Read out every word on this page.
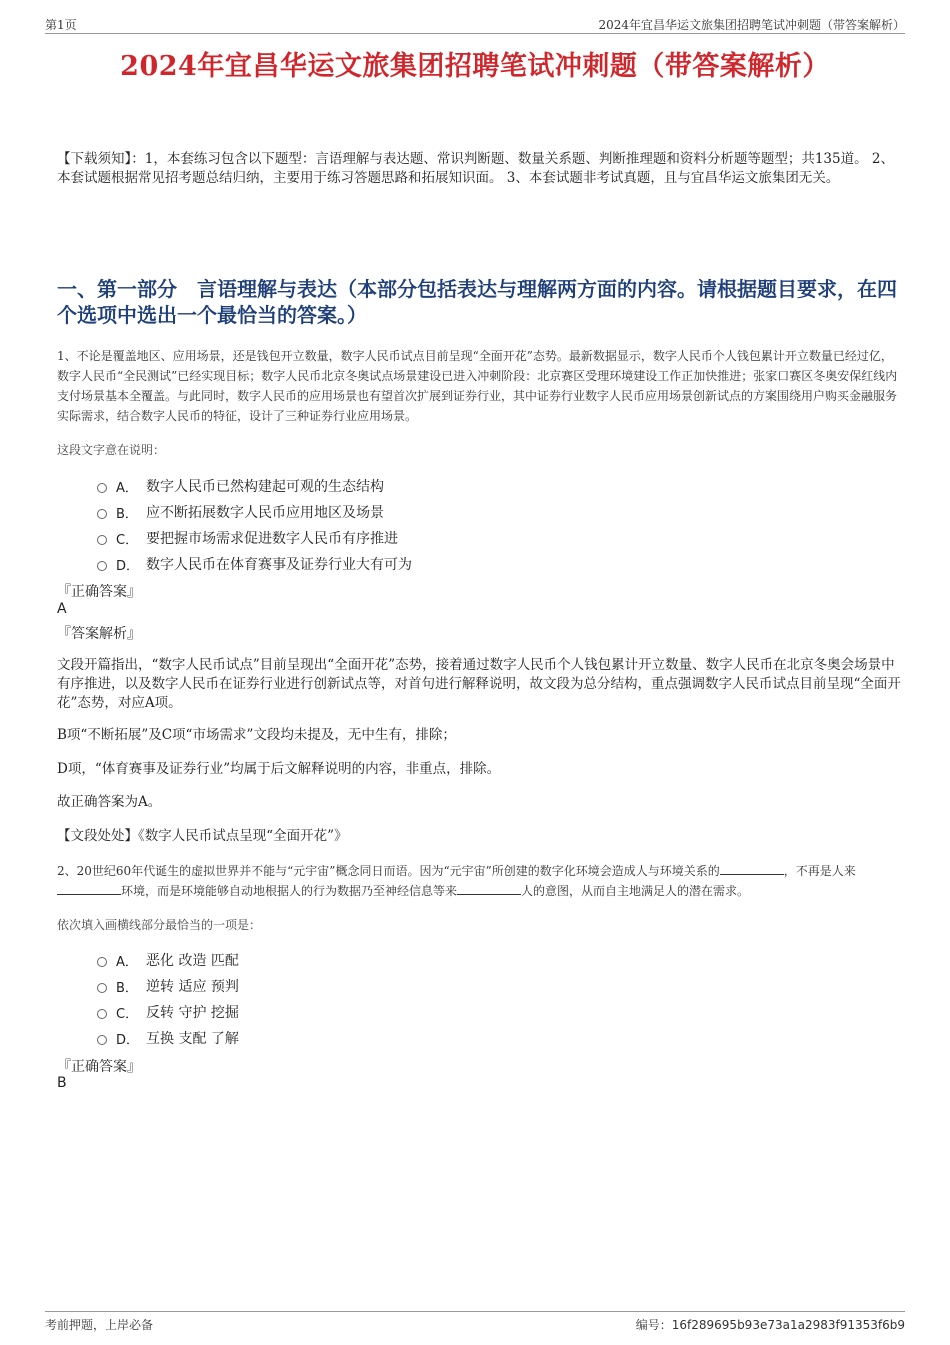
第1页	2024年宜昌华运文旅集团招聘笔试冲刺题（带答案解析）
2024年宜昌华运文旅集团招聘笔试冲刺题（带答案解析）

【下载须知】：1，本套练习包含以下题型：言语理解与表达题、常识判断题、数量关系题、判断推理题和资料分析题等题型；共135道。 2、本套试题根据常见招考题总结归纳，主要用于练习答题思路和拓展知识面。 3、本套试题非考试真题，且与宜昌华运文旅集团无关。

一、第一部分　言语理解与表达（本部分包括表达与理解两方面的内容。请根据题目要求，在四个选项中选出一个最恰当的答案。）

1、不论是覆盖地区、应用场景，还是钱包开立数量，数字人民币试点目前呈现“全面开花”态势。最新数据显示，数字人民币个人钱包累计开立数量已经过亿，数字人民币“全民测试”已经实现目标；数字人民币北京冬奥试点场景建设已进入冲刺阶段：北京赛区受理环境建设工作正加快推进；张家口赛区冬奥安保红线内支付场景基本全覆盖。与此同时，数字人民币的应用场景也有望首次扩展到证券行业，其中证券行业数字人民币应用场景创新试点的方案围绕用户购买金融服务实际需求，结合数字人民币的特征，设计了三种证券行业应用场景。

这段文字意在说明：

A． 数字人民币已然构建起可观的生态结构
B． 应不断拓展数字人民币应用地区及场景
C． 要把握市场需求促进数字人民币有序推进
D． 数字人民币在体育赛事及证券行业大有可为

『正确答案』

A

『答案解析』

文段开篇指出，“数字人民币试点”目前呈现出“全面开花”态势，接着通过数字人民币个人钱包累计开立数量、数字人民币在北京冬奥会场景中有序推进，以及数字人民币在证券行业进行创新试点等，对首句进行解释说明，故文段为总分结构，重点强调数字人民币试点目前呈现“全面开花”态势，对应A项。

B项“不断拓展”及C项“市场需求”文段均未提及，无中生有，排除；

D项，“体育赛事及证券行业”均属于后文解释说明的内容，非重点，排除。

故正确答案为A。

【文段处处】《数字人民币试点呈现“全面开花”》

2、20世纪60年代诞生的虚拟世界并不能与“元宇宙”概念同日而语。因为“元宇宙”所创建的数字化环境会造成人与环境关系的	，不再是人来环境，而是环境能够自动地根据人的行为数据乃至神经信息等来	人的意图，从而自主地满足人的潜在需求。

依次填入画横线部分最恰当的一项是：

A． 恶化 改造 匹配
B． 逆转 适应 预判
C． 反转 守护 挖掘
D． 互换 支配 了解

『正确答案』

B

考前押题，上岸必备	编号：16f289695b93e73a1a2983f91353f6b9
